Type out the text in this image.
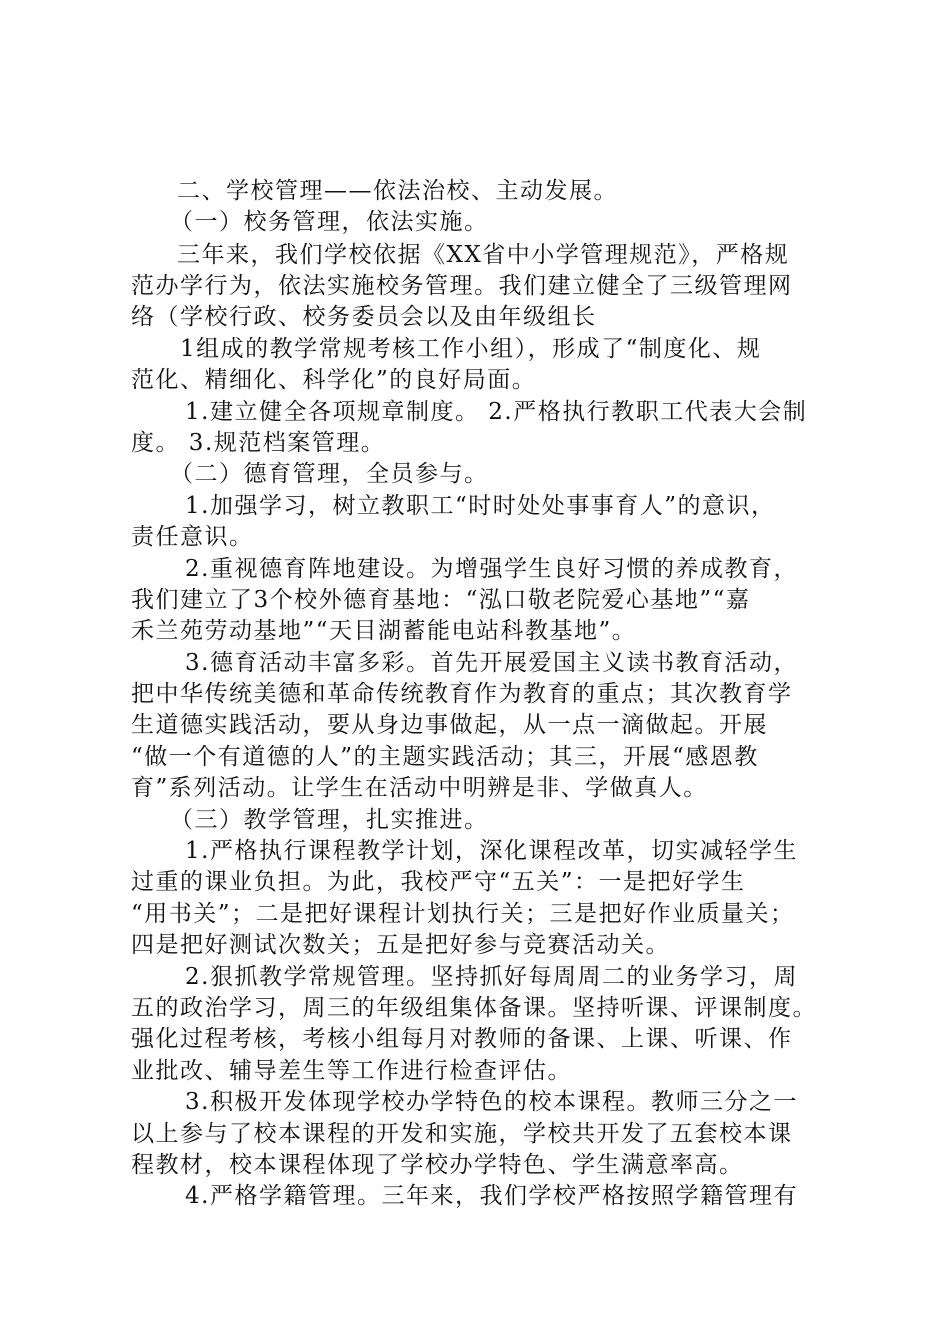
二、学校管理——依法治校、主动发展。
（一）校务管理，依法实施。
三年来，我们学校依据《XX省中小学管理规范》，严格规
范办学行为，依法实施校务管理。我们建立健全了三级管理网
络（学校行政、校务委员会以及由年级组长
1组成的教学常规考核工作小组），形成了“制度化、规
范化、精细化、科学化”的良好局面。
1.建立健全各项规章制度。 2.严格执行教职工代表大会制
度。 3.规范档案管理。
（二）德育管理，全员参与。
1.加强学习，树立教职工“时时处处事事育人”的意识，
责任意识。
2.重视德育阵地建设。为增强学生良好习惯的养成教育，
我们建立了3个校外德育基地：“泓口敬老院爱心基地”“嘉
禾兰苑劳动基地”“天目湖蓄能电站科教基地”。
3.德育活动丰富多彩。首先开展爱国主义读书教育活动，
把中华传统美德和革命传统教育作为教育的重点；其次教育学
生道德实践活动，要从身边事做起，从一点一滴做起。开展
“做一个有道德的人”的主题实践活动；其三，开展“感恩教
育”系列活动。让学生在活动中明辨是非、学做真人。
（三）教学管理，扎实推进。
1.严格执行课程教学计划，深化课程改革，切实减轻学生
过重的课业负担。为此，我校严守“五关”：一是把好学生
“用书关”；二是把好课程计划执行关；三是把好作业质量关；
四是把好测试次数关；五是把好参与竞赛活动关。
2.狠抓教学常规管理。坚持抓好每周周二的业务学习，周
五的政治学习，周三的年级组集体备课。坚持听课、评课制度。
强化过程考核，考核小组每月对教师的备课、上课、听课、作
业批改、辅导差生等工作进行检查评估。
3.积极开发体现学校办学特色的校本课程。教师三分之一
以上参与了校本课程的开发和实施，学校共开发了五套校本课
程教材，校本课程体现了学校办学特色、学生满意率高。
4.严格学籍管理。三年来，我们学校严格按照学籍管理有
